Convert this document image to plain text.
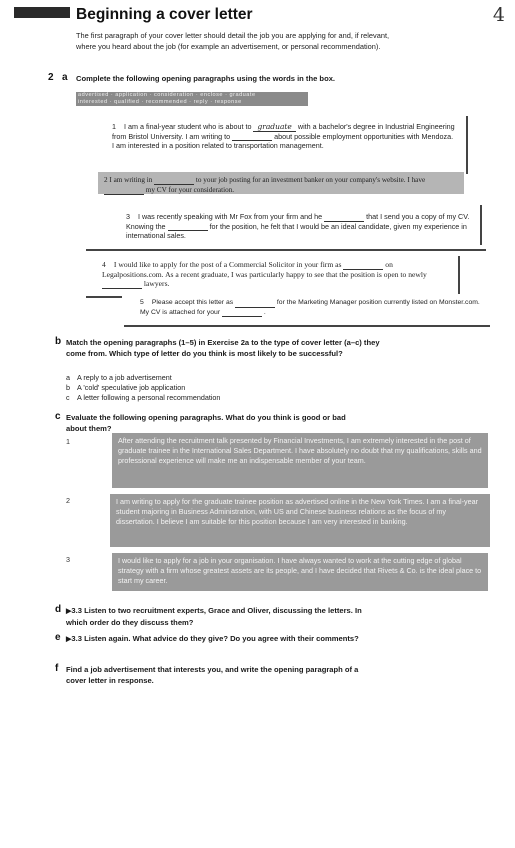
Beginning a cover letter	4
The first paragraph of your cover letter should detail the job you are applying for and, if relevant, where you heard about the job (for example an advertisement, or personal recommendation).
2 a Complete the following opening paragraphs using the words in the box.
advertised · application · consideration · enclose · graduate
interested · qualified · recommended · reply · response
1 I am a final-year student who is about to graduate with a bachelor's degree in Industrial Engineering from Bristol University. I am writing to	about possible employment opportunities with Mendoza. I am interested in a position related to transportation management.
2 I am writing in	to your job posting for an investment banker on your company's website. I have  my CV for your consideration.
3 I was recently speaking with Mr Fox from your firm and he	that I send you a copy of my CV. Knowing the	for the position, he felt that I would be an ideal candidate, given my experience in international sales.
4 I would like to apply for the post of a Commercial Solicitor in your firm as	on Legalpositions.com. As a recent graduate, I was particularly happy to see that the position is open to newly  lawyers.
5 Please accept this letter as	for the Marketing Manager position currently listed on Monster.com. My CV is attached for your	.
b Match the opening paragraphs (1–5) in Exercise 2a to the type of cover letter (a–c) they come from. Which type of letter do you think is most likely to be successful?
a A reply to a job advertisement
b A 'cold' speculative job application
c A letter following a personal recommendation
c Evaluate the following opening paragraphs. What do you think is good or bad about them?
1	After attending the recruitment talk presented by Financial Investments, I am extremely interested in the post of graduate trainee in the International Sales Department. I have absolutely no doubt that my qualifications, skills and professional experience will make me an indispensable member of your team.
2	I am writing to apply for the graduate trainee position as advertised online in the New York Times. I am a final-year student majoring in Business Administration, with US and Chinese business relations as the focus of my dissertation. I believe I am suitable for this position because I am very interested in banking.
3	I would like to apply for a job in your organisation. I have always wanted to work at the cutting edge of global strategy with a firm whose greatest assets are its people, and I have decided that Rivets & Co. is the ideal place to start my career.
d ▶3.3 Listen to two recruitment experts, Grace and Oliver, discussing the letters. In which order do they discuss them?
e ▶3.3 Listen again. What advice do they give? Do you agree with their comments?
f Find a job advertisement that interests you, and write the opening paragraph of a cover letter in response.
